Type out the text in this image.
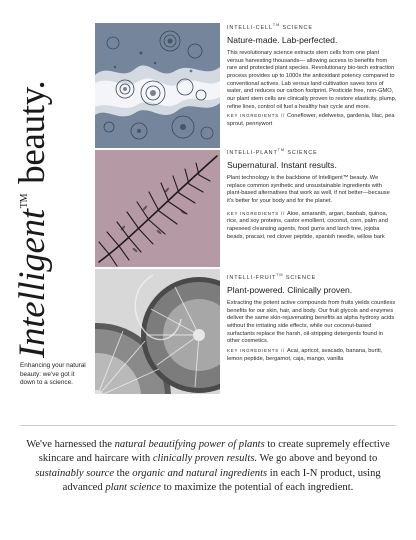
Intelligent™ beauty.
Enhancing your natural beauty: we've got it down to a science.
INTELLI-CELL™ SCIENCE
Nature-made. Lab-perfected.
This revolutionary science extracts stem cells from one plant versus harvesting thousands— allowing access to benefits from rare and protected plant species. Revolutionary bio-tech extraction process provides up to 1000x the antioxidant potency compared to conventional actives. Lab versus land cultivation saves tons of water, and reduces our carbon footprint. Pesticide free, non-GMO, our plant stem cells are clinically proven to restore elasticity, plump, refine lines, control oil fuel a healthy hair cycle and more.
KEY INGREDIENTS // Coneflower, edelweiss, gardenia, lilac, pea sprout, pennywort
INTELLI-PLANT™ SCIENCE
Supernatural. Instant results.
Plant technology is the backbone of Intelligent™ beauty. We replace common synthetic and unsustainable ingredients with plant-based alternatives that work as well, if not better—because it's better for your body and for the planet.
KEY INGREDIENTS // Aloe, amaranth, argan, baobab, quinoa, rice, and soy proteins, castor emollient, coconut, corn, palm and rapeseed cleansing agents, food gums and larch tree, jojoba beads, pracaxi, red clover peptide, spanish needle, willow bark
INTELLI-FRUIT™ SCIENCE
Plant-powered. Clinically proven.
Extracting the potent active compounds from fruits yields countless benefits for our skin, hair, and body. Our fruit glycols and enzymes deliver the same skin-rejuvenating benefits as alpha hydroxy acids without the irritating side effects, while our coconut-based surfactants replace the harsh, oil-stripping detergents found in other cosmetics.
KEY INGREDIENTS // Acai, apricot, avacado, banana, buriti, lemon peptide, bergamot, caja, mango, vanilla
We've harnessed the natural beautifying power of plants to create supremely effective skincare and haircare with clinically proven results. We go above and beyond to sustainably source the organic and natural ingredients in each I-N product, using advanced plant science to maximize the potential of each ingredient.
